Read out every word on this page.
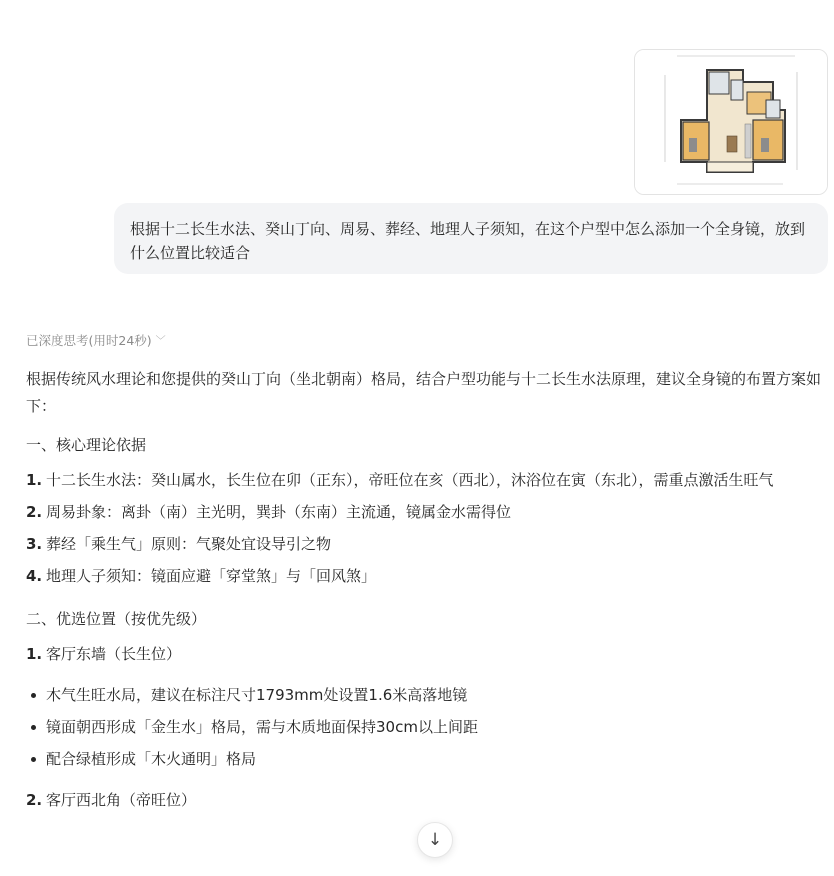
根据十二长生水法、癸山丁向、周易、葬经、地理人子须知，在这个户型中怎么添加一个全身镜，放到什么位置比较适合
已深度思考(用时24秒) ﹀

根据传统风水理论和您提供的癸山丁向（坐北朝南）格局，结合户型功能与十二长生水法原理，建议全身镜的布置方案如下：

一、核心理论依据
1. 十二长生水法：癸山属水，长生位在卯（正东），帝旺位在亥（西北），沐浴位在寅（东北），需重点激活生旺气
2. 周易卦象：离卦（南）主光明，巽卦（东南）主流通，镜属金水需得位
3. 葬经「乘生气」原则：气聚处宜设导引之物
4. 地理人子须知：镜面应避「穿堂煞」与「回风煞」
二、优选位置（按优先级）
1. 客厅东墙（长生位）
木气生旺水局，建议在标注尺寸1793mm处设置1.6米高落地镜
镜面朝西形成「金生水」格局，需与木质地面保持30cm以上间距
配合绿植形成「木火通明」格局
2. 客厅西北角（帝旺位）
↓
